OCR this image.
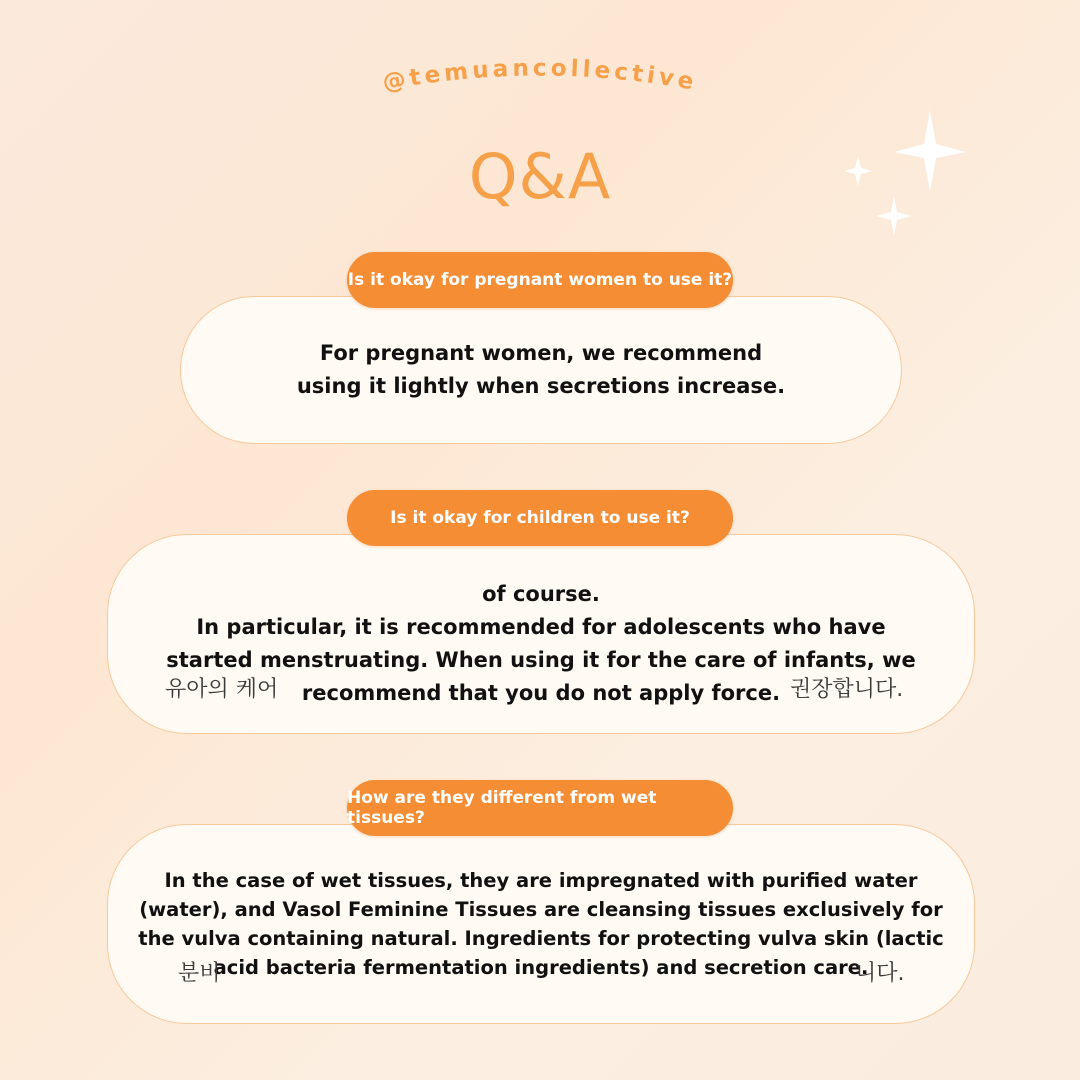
@temuancollective
Q&A
Is it okay for pregnant women to use it?
For pregnant women, we recommend
using it lightly when secretions increase.
Is it okay for children to use it?
of course.
In particular, it is recommended for adolescents who have
started menstruating. When using it for the care of infants, we
recommend that you do not apply force.
유아의 케어	권장합니다.
How are they different from wet tissues?
In the case of wet tissues, they are impregnated with purified water
(water), and Vasol Feminine Tissues are cleansing tissues exclusively for
the vulva containing natural. Ingredients for protecting vulva skin (lactic
acid bacteria fermentation ingredients) and secretion care.
분비	니다.
